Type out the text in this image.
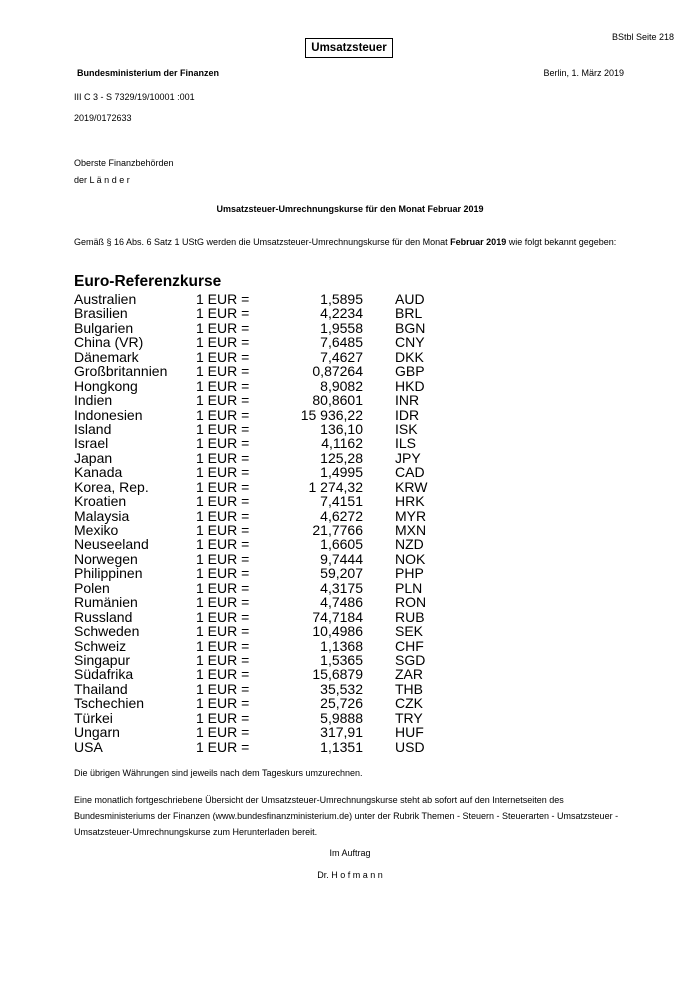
BStbl Seite 218
Umsatzsteuer
Bundesministerium der Finanzen	Berlin, 1. März 2019
III C 3 - S 7329/19/10001 :001
2019/0172633
Oberste Finanzbehörden
der L ä n d e r
Umsatzsteuer-Umrechnungskurse für den Monat Februar 2019
Gemäß § 16 Abs. 6 Satz 1 UStG werden die Umsatzsteuer-Umrechnungskurse für den Monat Februar 2019 wie folgt bekannt gegeben:
Euro-Referenzkurse
Australien	1 EUR =	1,5895 AUD
Brasilien	1 EUR =	4,2234 BRL
Bulgarien	1 EUR =	1,9558 BGN
China (VR)	1 EUR =	7,6485 CNY
Dänemark	1 EUR =	7,4627 DKK
Großbritannien 1 EUR =	0,87264 GBP
Hongkong	1 EUR =	8,9082 HKD
Indien	1 EUR =	80,8601 INR
Indonesien	1 EUR =	15 936,22 IDR
Island	1 EUR =	136,10 ISK
Israel	1 EUR =	4,1162 ILS
Japan	1 EUR =	125,28 JPY
Kanada	1 EUR =	1,4995 CAD
Korea, Rep.	1 EUR =	1 274,32 KRW
Kroatien	1 EUR =	7,4151 HRK
Malaysia	1 EUR =	4,6272 MYR
Mexiko	1 EUR =	21,7766 MXN
Neuseeland	1 EUR =	1,6605 NZD
Norwegen	1 EUR =	9,7444 NOK
Philippinen	1 EUR =	59,207 PHP
Polen	1 EUR =	4,3175 PLN
Rumänien	1 EUR =	4,7486 RON
Russland	1 EUR =	74,7184 RUB
Schweden	1 EUR =	10,4986 SEK
Schweiz	1 EUR =	1,1368 CHF
Singapur	1 EUR =	1,5365 SGD
Südafrika	1 EUR =	15,6879 ZAR
Thailand	1 EUR =	35,532 THB
Tschechien	1 EUR =	25,726 CZK
Türkei	1 EUR =	5,9888 TRY
Ungarn	1 EUR =	317,91 HUF
USA	1 EUR =	1,1351 USD
Die übrigen Währungen sind jeweils nach dem Tageskurs umzurechnen.
Eine monatlich fortgeschriebene Übersicht der Umsatzsteuer-Umrechnungskurse steht ab sofort auf den Internetseiten des Bundesministeriums der Finanzen (www.bundesfinanzministerium.de) unter der Rubrik Themen - Steuern - Steuerarten - Umsatzsteuer - Umsatzsteuer-Umrechnungskurse zum Herunterladen bereit.
Im Auftrag
Dr. H o f m a n n
